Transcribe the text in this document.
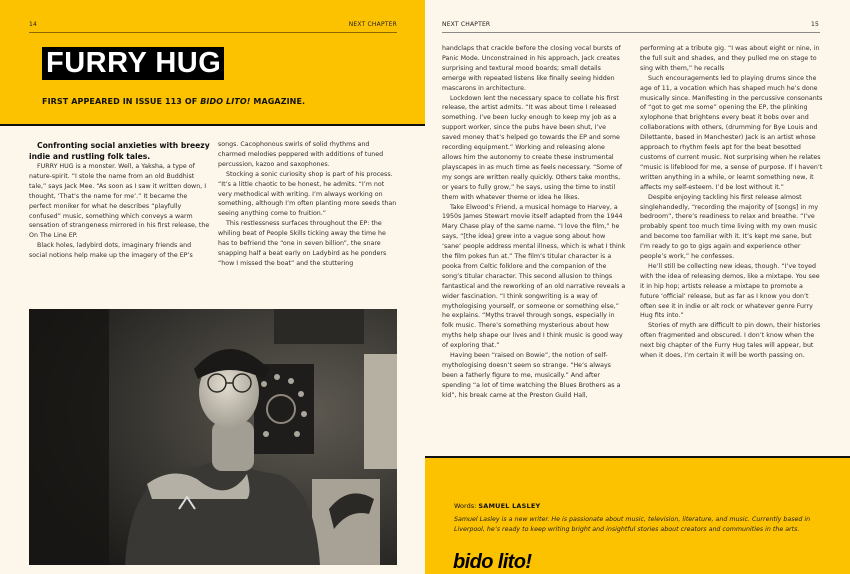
14	NEXT CHAPTER
FURRY HUG
FIRST APPEARED IN ISSUE 113 OF BIDO LITO! MAGAZINE.

Confronting social anxieties with breezy indie and rustling folk tales.

FURRY HUG is a monster. Well, a Yaksha, a type of nature-spirit. “I stole the name from an old Buddhist tale,” says Jack Mee. “As soon as I saw it written down, I thought, ‘That’s the name for me’.” It became the perfect moniker for what he describes “playfully confused” music, something which conveys a warm sensation of strangeness mirrored in his first release, the On The Line EP.

Black holes, ladybird dots, imaginary friends and social notions help make up the imagery of the EP’s

songs. Cacophonous swirls of solid rhythms and charmed melodies peppered with additions of tuned percussion, kazoo and saxophones.

Stocking a sonic curiosity shop is part of his process. “It’s a little chaotic to be honest, he admits. “I’m not very methodical with writing. I’m always working on something, although I’m often planting more seeds than seeing anything come to fruition.”

This restlessness surfaces throughout the EP: the whiling beat of People Skills ticking away the time he has to befriend the “one in seven billion”, the snare snapping half a beat early on Ladybird as he ponders “how I missed the boat” and the stuttering

NEXT CHAPTER	15

handclaps that crackle before the closing vocal bursts of Panic Mode. Unconstrained in his approach, Jack creates surprising and textural mood boards; small details emerge with repeated listens like finally seeing hidden mascarons in architecture.

Lockdown lent the necessary space to collate his first release, the artist admits. “It was about time I released something. I’ve been lucky enough to keep my job as a support worker, since the pubs have been shut, I’ve saved money that’s helped go towards the EP and some recording equipment.” Working and releasing alone allows him the autonomy to create these instrumental playscapes in as much time as feels necessary. “Some of my songs are written really quickly. Others take months, or years to fully grow,” he says, using the time to instil them with whatever theme or idea he likes.

Take Elwood’s Friend, a musical homage to Harvey, a 1950s James Stewart movie itself adapted from the 1944 Mary Chase play of the same name. “I love the film,” he says, “[the idea] grew into a vague song about how ‘sane’ people address mental illness, which is what I think the film pokes fun at.” The film’s titular character is a pooka from Celtic folklore and the companion of the song’s titular character. This second allusion to things fantastical and the reworking of an old narrative reveals a wider fascination. “I think songwriting is a way of mythologising yourself, or someone or something else,” he explains. “Myths travel through songs, especially in folk music. There’s something mysterious about how myths help shape our lives and I think music is good way of exploring that.”

Having been “raised on Bowie”, the notion of self-mythologising doesn’t seem so strange. “He’s always been a fatherly figure to me, musically.” And after spending “a lot of time watching the Blues Brothers as a kid”, his break came at the Preston Guild Hall,

performing at a tribute gig. “I was about eight or nine, in the full suit and shades, and they pulled me on stage to sing with them,” he recalls

Such encouragements led to playing drums since the age of 11, a vocation which has shaped much he’s done musically since. Manifesting in the percussive consonants of “got to get me some” opening the EP, the plinking xylophone that brightens every beat it bobs over and collaborations with others, (drumming for Bye Louis and Dilettante, based in Manchester) Jack is an artist whose approach to rhythm feels apt for the beat besotted customs of current music. Not surprising when he relates “music is lifeblood for me, a sense of purpose. If I haven’t written anything in a while, or learnt something new, it affects my self-esteem. I’d be lost without it.”

Despite enjoying tackling his first release almost singlehandedly, “recording the majority of [songs] in my bedroom”, there’s readiness to relax and breathe. “I’ve probably spent too much time living with my own music and become too familiar with it. It’s kept me sane, but I’m ready to go to gigs again and experience other people’s work,” he confesses.

He’ll still be collecting new ideas, though. “I’ve toyed with the idea of releasing demos, like a mixtape. You see it in hip hop; artists release a mixtape to promote a future ‘official’ release, but as far as I know you don’t often see it in indie or alt rock or whatever genre Furry Hug fits into.”

Stories of myth are difficult to pin down, their histories often fragmented and obscured. I don’t know when the next big chapter of the Furry Hug tales will appear, but when it does, I’m certain it will be worth passing on.

Words: SAMUEL LASLEY
Samuel Lasley is a new writer. He is passionate about music, television, literature, and music. Currently based in Liverpool, he’s ready to keep writing bright and insightful stories about creators and communities in the arts.
bido lito!
